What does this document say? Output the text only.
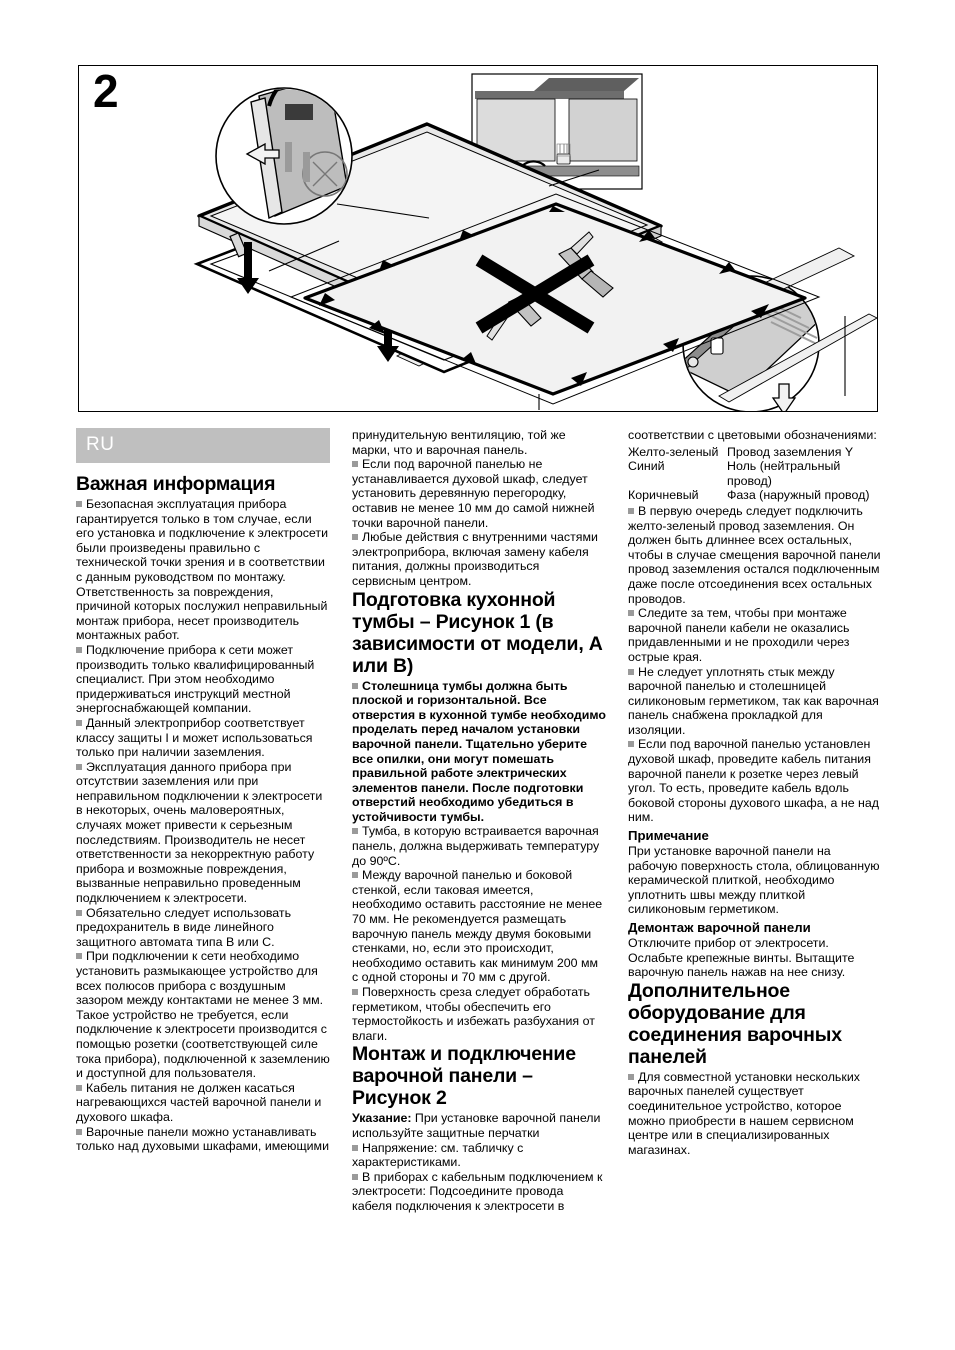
2
RU
Важная информация

Безопасная эксплуатация прибора гарантируется только в том случае, если его установка и подключение к электросети были произведены правильно с технической точки зрения и в соответствии с данным руководством по монтажу. Ответственность за повреждения, причиной которых послужил неправильный монтаж прибора, несет производитель монтажных работ.

Подключение прибора к сети может производить только квалифицированный специалист. При этом необходимо придерживаться инструкций местной энергоснабжающей компании.

Данный электроприбор соответствует классу защиты I и может использоваться только при наличии заземления.

Эксплуатация данного прибора при отсутствии заземления или при неправильном подключении к электросети в некоторых, очень маловероятных, случаях может привести к серьезным последствиям. Производитель не несет ответственности за некорректную работу прибора и возможные повреждения, вызванные неправильно проведенным подключением к электросети.

Обязательно следует использовать предохранитель в виде линейного защитного автомата типа B или C.

При подключении к сети необходимо установить размыкающее устройство для всех полюсов прибора с воздушным зазором между контактами не менее 3 мм. Такое устройство не требуется, если подключение к электросети производится с помощью розетки (соответствующей силе тока прибора), подключенной к заземлению и доступной для пользователя.

Кабель питания не должен касаться нагревающихся частей варочной панели и духового шкафа.

Варочные панели можно устанавливать только над духовыми шкафами, имеющими

принудительную вентиляцию, той же марки, что и варочная панель.

Если под варочной панелью не устанавливается духовой шкаф, следует установить деревянную перегородку, оставив не менее 10 мм до самой нижней точки варочной панели.

Любые действия с внутренними частями электроприбора, включая замену кабеля питания, должны производиться сервисным центром.

Подготовка кухонной тумбы – Рисунок 1 (в зависимости от модели, A или B)

Столешница тумбы должна быть плоской и горизонтальной. Все отверстия в кухонной тумбе необходимо проделать перед началом установки варочной панели. Тщательно уберите все опилки, они могут помешать правильной работе электрических элементов панели. После подготовки отверстий необходимо убедиться в устойчивости тумбы.

Тумба, в которую встраивается варочная панель, должна выдерживать температуру до 90ºC.

Между варочной панелью и боковой стенкой, если таковая имеется, необходимо оставить расстояние не менее 70 мм. Не рекомендуется размещать варочную панель между двумя боковыми стенками, но, если это происходит, необходимо оставить как минимум 200 мм с одной стороны и 70 мм с другой.

Поверхность среза следует обработать герметиком, чтобы обеспечить его термостойкость и избежать разбухания от влаги.

Монтаж и подключение варочной панели – Рисунок 2

Указание: При установке варочной панели используйте защитные перчатки

Напряжение: см. табличку с характеристиками.

В приборах с кабельным подключением к электросети: Подсоедините провода кабеля подключения к электросети в

соответствии с цветовыми обозначениями:

Желто-зеленый	Провод заземления Y
Синий	Ноль (нейтральный провод)
Коричневый	Фаза (наружный провод)

В первую очередь следует подключить желто-зеленый провод заземления. Он должен быть длиннее всех остальных, чтобы в случае смещения варочной панели провод заземления остался подключенным даже после отсоединения всех остальных проводов.

Следите за тем, чтобы при монтаже варочной панели кабели не оказались придавленными и не проходили через острые края.

Не следует уплотнять стык между варочной панелью и столешницей силиконовым герметиком, так как варочная панель снабжена прокладкой для изоляции.

Если под варочной панелью установлен духовой шкаф, проведите кабель питания варочной панели к розетке через левый угол. То есть, проведите кабель вдоль боковой стороны духового шкафа, а не над ним.

Примечание

При установке варочной панели на рабочую поверхность стола, облицованную керамической плиткой, необходимо уплотнить швы между плиткой силиконовым герметиком.

Демонтаж варочной панели

Отключите прибор от электросети. Ослабьте крепежные винты. Вытащите варочную панель нажав на нее снизу.

Дополнительное оборудование для соединения варочных панелей

Для совместной установки нескольких варочных панелей существует соединительное устройство, которое можно приобрести в нашем сервисном центре или в специализированных магазинах.
